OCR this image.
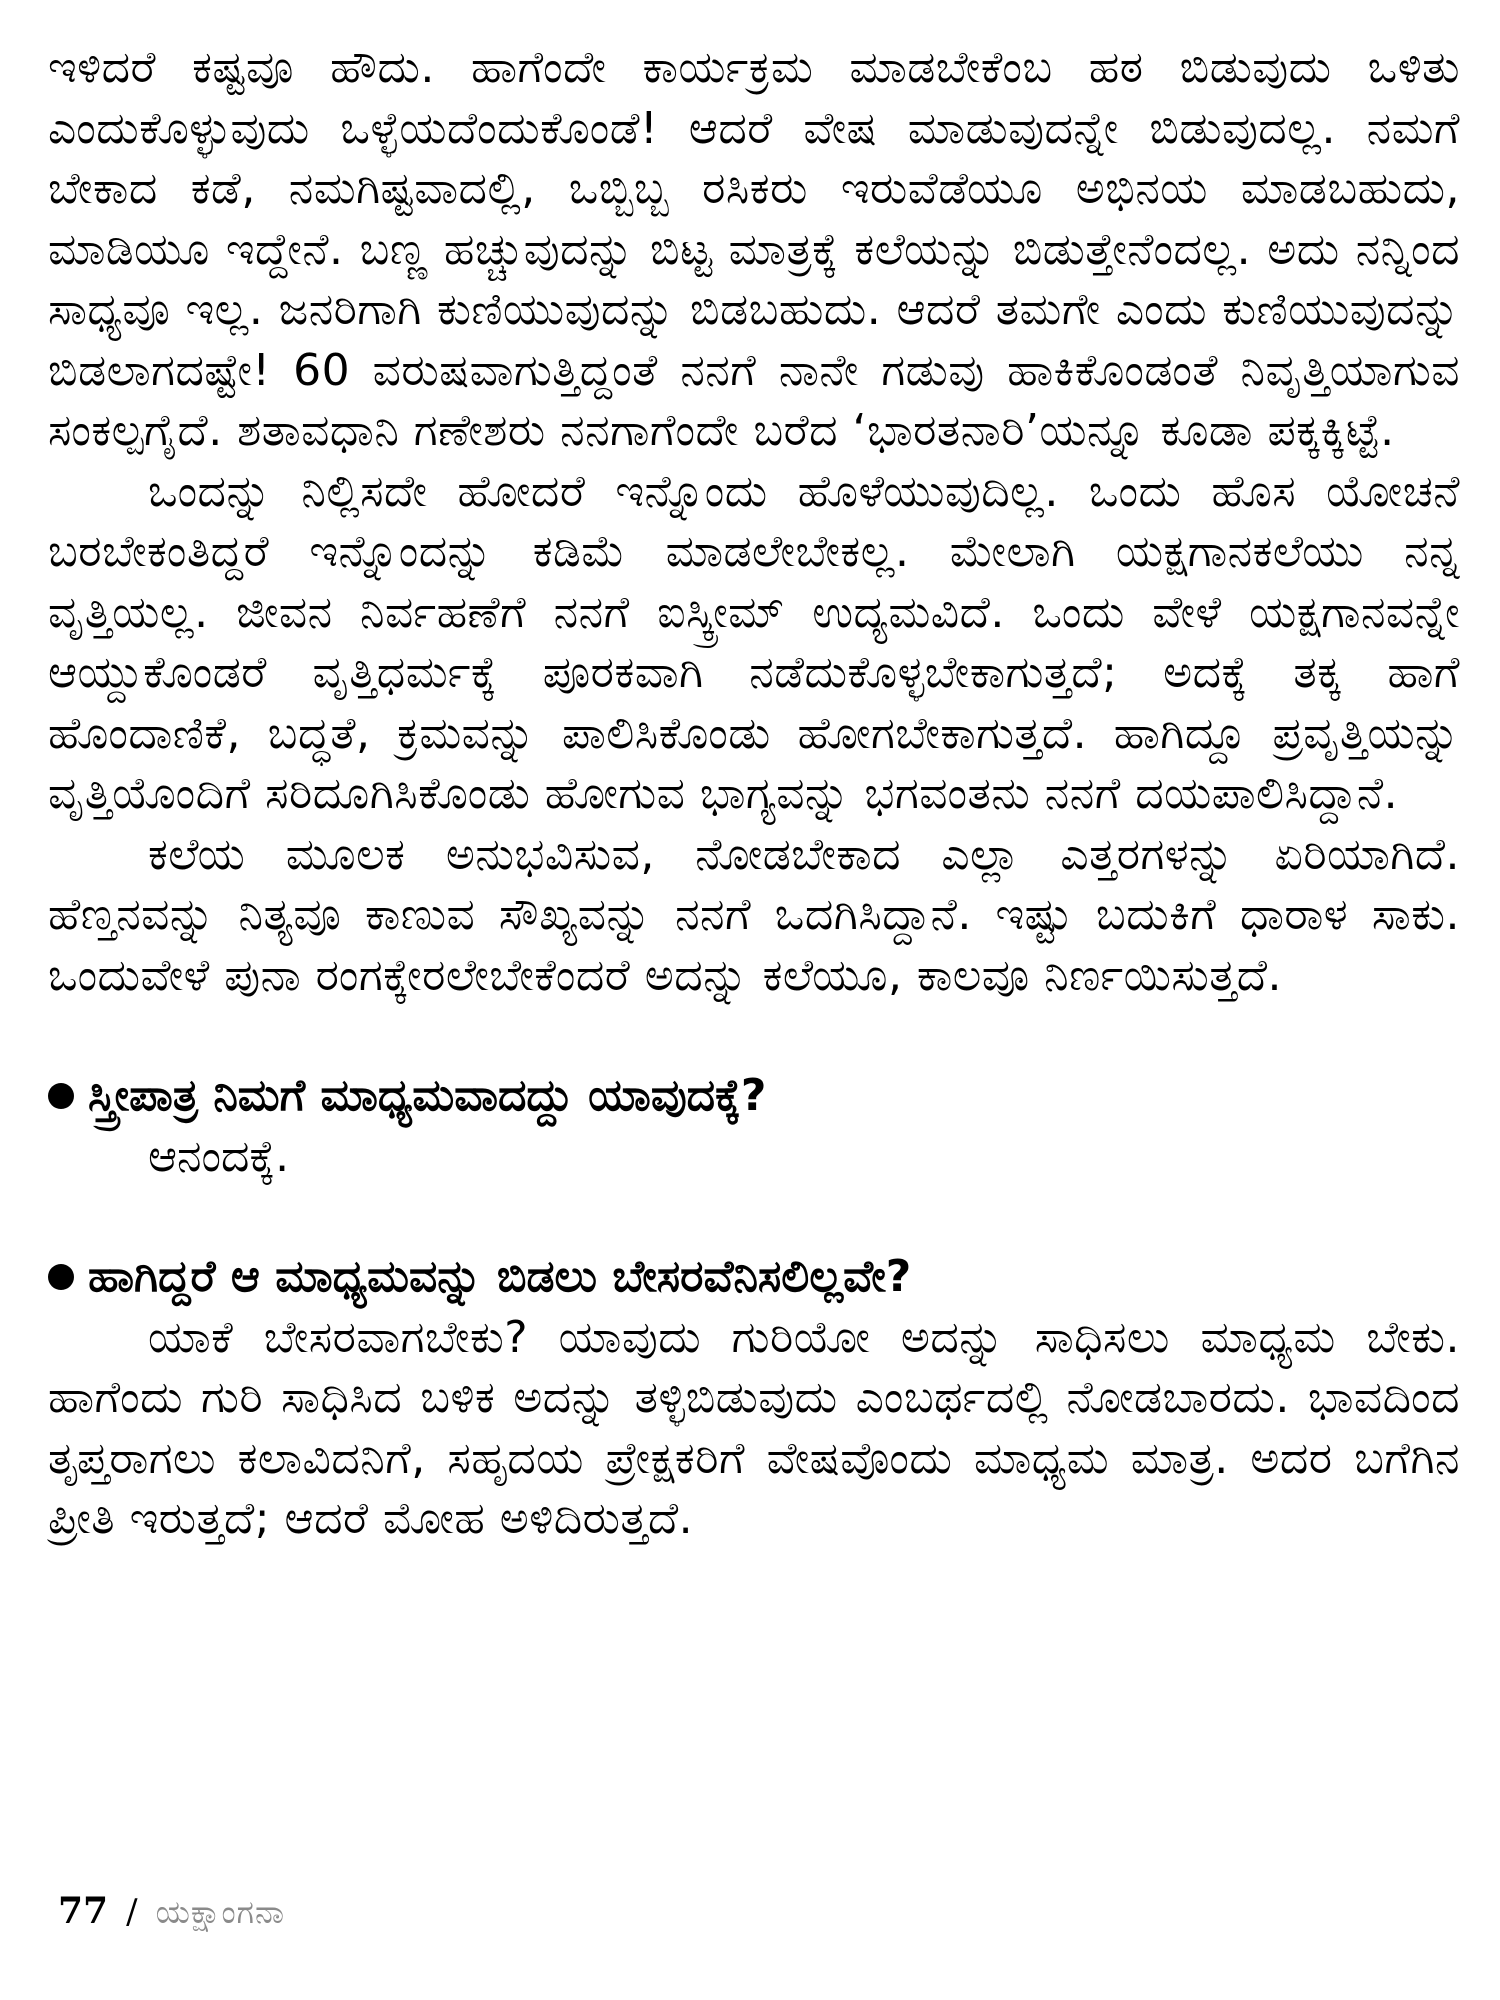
ಇಳಿದರೆ ಕಷ್ಟವೂ ಹೌದು. ಹಾಗೆಂದೇ ಕಾರ್ಯಕ್ರಮ ಮಾಡಬೇಕೆಂಬ ಹಠ ಬಿಡುವುದು ಒಳಿತು ಎಂದುಕೊಳ್ಳುವುದು ಒಳ್ಳೆಯದೆಂದುಕೊಂಡೆ! ಆದರೆ ವೇಷ ಮಾಡುವುದನ್ನೇ ಬಿಡುವುದಲ್ಲ. ನಮಗೆ ಬೇಕಾದ ಕಡೆ, ನಮಗಿಷ್ಟವಾದಲ್ಲಿ, ಒಬ್ಬಿಬ್ಬ ರಸಿಕರು ಇರುವೆಡೆಯೂ ಅಭಿನಯ ಮಾಡಬಹುದು, ಮಾಡಿಯೂ ಇದ್ದೇನೆ. ಬಣ್ಣ ಹಚ್ಚುವುದನ್ನು ಬಿಟ್ಟ ಮಾತ್ರಕ್ಕೆ ಕಲೆಯನ್ನು ಬಿಡುತ್ತೇನೆಂದಲ್ಲ. ಅದು ನನ್ನಿಂದ ಸಾಧ್ಯವೂ ಇಲ್ಲ. ಜನರಿಗಾಗಿ ಕುಣಿಯುವುದನ್ನು ಬಿಡಬಹುದು. ಆದರೆ ತಮಗೇ ಎಂದು ಕುಣಿಯುವುದನ್ನು ಬಿಡಲಾಗದಷ್ಟೇ! 60 ವರುಷವಾಗುತ್ತಿದ್ದಂತೆ ನನಗೆ ನಾನೇ ಗಡುವು ಹಾಕಿಕೊಂಡಂತೆ ನಿವೃತ್ತಿಯಾಗುವ ಸಂಕಲ್ಪಗೈದೆ. ಶತಾವಧಾನಿ ಗಣೇಶರು ನನಗಾಗೆಂದೇ ಬರೆದ ‘ಭಾರತನಾರಿ’ಯನ್ನೂ ಕೂಡಾ ಪಕ್ಕಕ್ಕಿಟ್ಟೆ.

ಒಂದನ್ನು ನಿಲ್ಲಿಸದೇ ಹೋದರೆ ಇನ್ನೊಂದು ಹೊಳೆಯುವುದಿಲ್ಲ. ಒಂದು ಹೊಸ ಯೋಚನೆ ಬರಬೇಕಂತಿದ್ದರೆ ಇನ್ನೊಂದನ್ನು ಕಡಿಮೆ ಮಾಡಲೇಬೇಕಲ್ಲ. ಮೇಲಾಗಿ ಯಕ್ಷಗಾನಕಲೆಯು ನನ್ನ ವೃತ್ತಿಯಲ್ಲ. ಜೀವನ ನಿರ್ವಹಣೆಗೆ ನನಗೆ ಐಸ್ಕ್ರೀಮ್ ಉದ್ಯಮವಿದೆ. ಒಂದು ವೇಳೆ ಯಕ್ಷಗಾನವನ್ನೇ ಆಯ್ದುಕೊಂಡರೆ ವೃತ್ತಿಧರ್ಮಕ್ಕೆ ಪೂರಕವಾಗಿ ನಡೆದುಕೊಳ್ಳಬೇಕಾಗುತ್ತದೆ; ಅದಕ್ಕೆ ತಕ್ಕ ಹಾಗೆ ಹೊಂದಾಣಿಕೆ, ಬದ್ಧತೆ, ಕ್ರಮವನ್ನು ಪಾಲಿಸಿಕೊಂಡು ಹೋಗಬೇಕಾಗುತ್ತದೆ. ಹಾಗಿದ್ದೂ ಪ್ರವೃತ್ತಿಯನ್ನು ವೃತ್ತಿಯೊಂದಿಗೆ ಸರಿದೂಗಿಸಿಕೊಂಡು ಹೋಗುವ ಭಾಗ್ಯವನ್ನು ಭಗವಂತನು ನನಗೆ ದಯಪಾಲಿಸಿದ್ದಾನೆ.

ಕಲೆಯ ಮೂಲಕ ಅನುಭವಿಸುವ, ನೋಡಬೇಕಾದ ಎಲ್ಲಾ ಎತ್ತರಗಳನ್ನು ಏರಿಯಾಗಿದೆ. ಹೆಣ್ತನವನ್ನು ನಿತ್ಯವೂ ಕಾಣುವ ಸೌಖ್ಯವನ್ನು ನನಗೆ ಒದಗಿಸಿದ್ದಾನೆ. ಇಷ್ಟು ಬದುಕಿಗೆ ಧಾರಾಳ ಸಾಕು. ಒಂದುವೇಳೆ ಪುನಾ ರಂಗಕ್ಕೇರಲೇಬೇಕೆಂದರೆ ಅದನ್ನು ಕಲೆಯೂ, ಕಾಲವೂ ನಿರ್ಣಯಿಸುತ್ತದೆ.

ಸ್ತ್ರೀಪಾತ್ರ ನಿಮಗೆ ಮಾಧ್ಯಮವಾದದ್ದು ಯಾವುದಕ್ಕೆ?

ಆನಂದಕ್ಕೆ.

ಹಾಗಿದ್ದರೆ ಆ ಮಾಧ್ಯಮವನ್ನು ಬಿಡಲು ಬೇಸರವೆನಿಸಲಿಲ್ಲವೇ?

ಯಾಕೆ ಬೇಸರವಾಗಬೇಕು? ಯಾವುದು ಗುರಿಯೋ ಅದನ್ನು ಸಾಧಿಸಲು ಮಾಧ್ಯಮ ಬೇಕು. ಹಾಗೆಂದು ಗುರಿ ಸಾಧಿಸಿದ ಬಳಿಕ ಅದನ್ನು ತಳ್ಳಿಬಿಡುವುದು ಎಂಬರ್ಥದಲ್ಲಿ ನೋಡಬಾರದು. ಭಾವದಿಂದ ತೃಪ್ತರಾಗಲು ಕಲಾವಿದನಿಗೆ, ಸಹೃದಯ ಪ್ರೇಕ್ಷಕರಿಗೆ ವೇಷವೊಂದು ಮಾಧ್ಯಮ ಮಾತ್ರ. ಅದರ ಬಗೆಗಿನ ಪ್ರೀತಿ ಇರುತ್ತದೆ; ಆದರೆ ಮೋಹ ಅಳಿದಿರುತ್ತದೆ.

77 / ಯಕ್ಷಾಂಗನಾ
